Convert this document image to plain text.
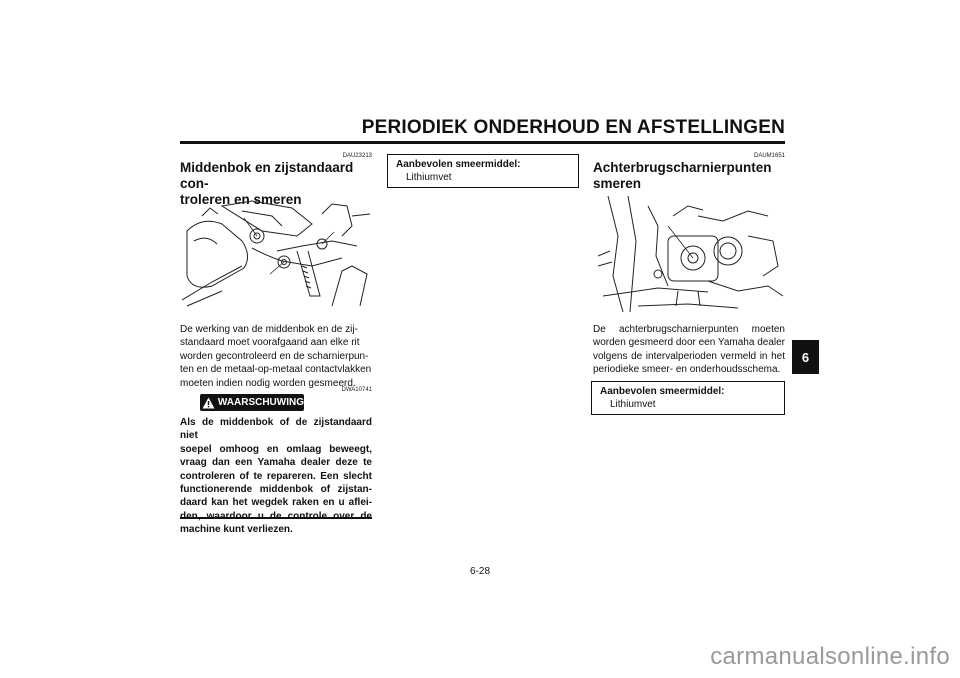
PERIODIEK ONDERHOUD EN AFSTELLINGEN
DAU23213
Middenbok en zijstandaard con-
troleren en smeren

De werking van de middenbok en de zij-

standaard moet voorafgaand aan elke rit

worden gecontroleerd en de scharnierpun-

ten en de metaal-op-metaal contactvlakken

moeten indien nodig worden gesmeerd.

DWA10741
WAARSCHUWING
Als de middenbok of de zijstandaard niet
soepel omhoog en omlaag beweegt,
vraag dan een Yamaha dealer deze te
controleren of te repareren. Een slecht
functionerende middenbok of zijstan-
daard kan het wegdek raken en u aflei-
machine kunt verliezen.
Aanbevolen smeermiddel:
Lithiumvet
DAUM1651
Achterbrugscharnierpunten
smeren

De achterbrugscharnierpunten moeten

worden gesmeerd door een Yamaha dealer

volgens de intervalperioden vermeld in het

periodieke smeer- en onderhoudsschema.

Aanbevolen smeermiddel:
Lithiumvet
6
6-28
carmanualsonline.info
